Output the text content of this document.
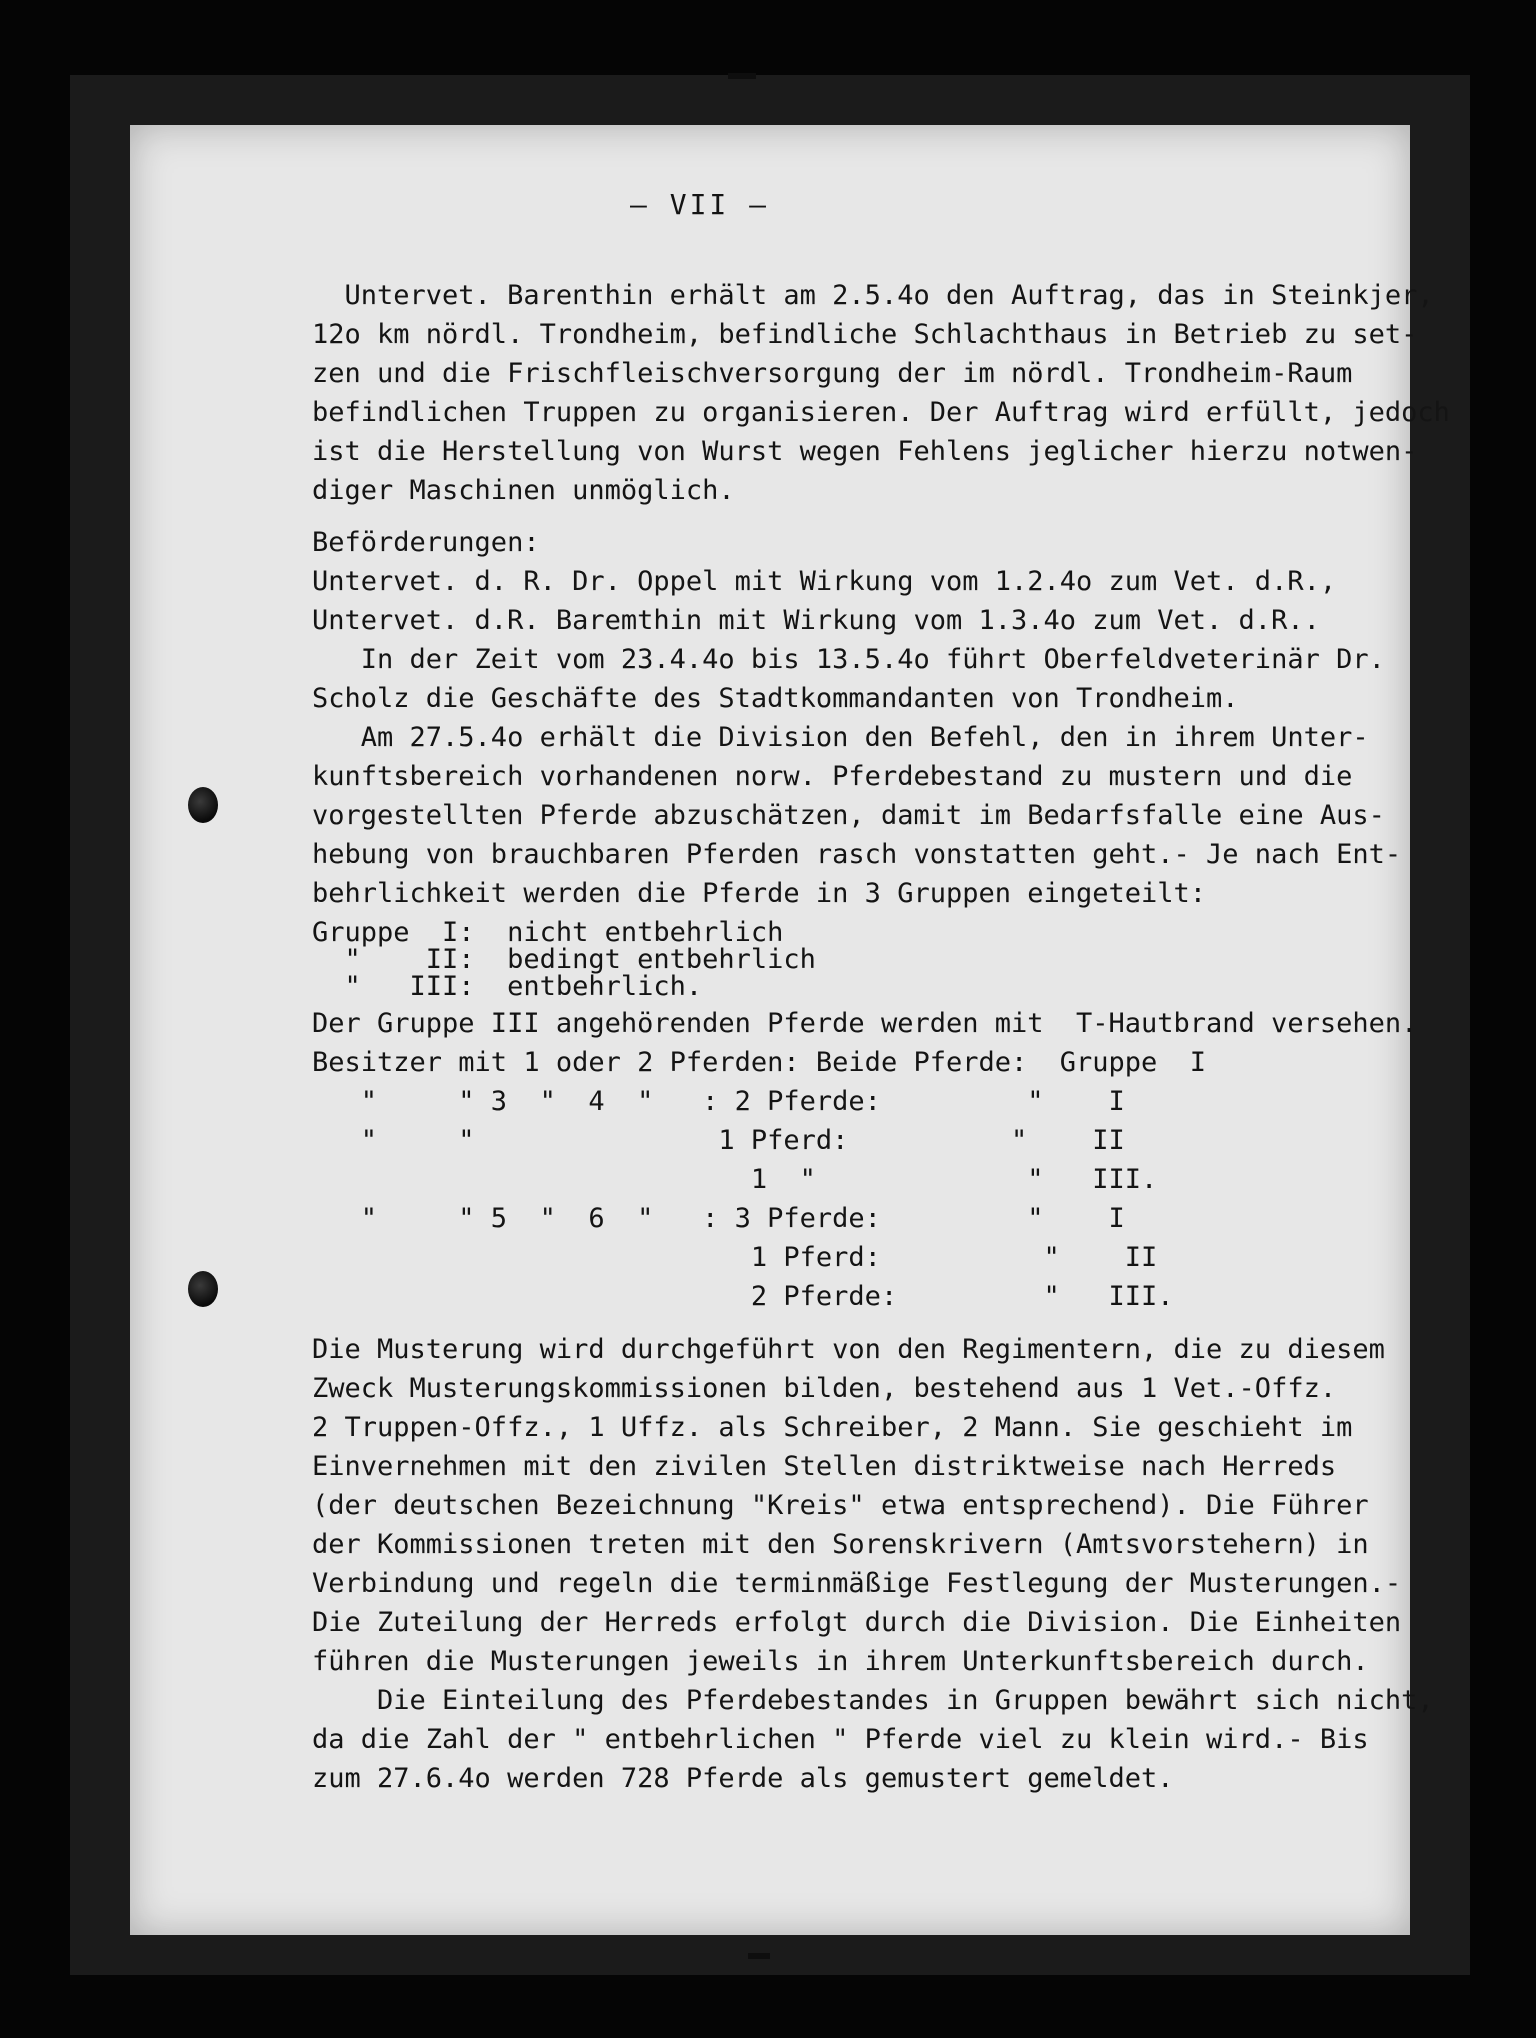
— VII —

Untervet. Barenthin erhält am 2.5.4o den Auftrag, das in Steinkjer,

12o km nördl. Trondheim, befindliche Schlachthaus in Betrieb zu set-

zen und die Frischfleischversorgung der im nördl. Trondheim-Raum

befindlichen Truppen zu organisieren. Der Auftrag wird erfüllt, jedoch

ist die Herstellung von Wurst wegen Fehlens jeglicher hierzu notwen-

diger Maschinen unmöglich.

Beförderungen:

Untervet. d. R. Dr. Oppel mit Wirkung vom 1.2.4o zum Vet. d.R.,

Untervet. d.R. Baremthin mit Wirkung vom 1.3.4o zum Vet. d.R..

In der Zeit vom 23.4.4o bis 13.5.4o führt Oberfeldveterinär Dr.

Scholz die Geschäfte des Stadtkommandanten von Trondheim.

Am 27.5.4o erhält die Division den Befehl, den in ihrem Unter-

kunftsbereich vorhandenen norw. Pferdebestand zu mustern und die

vorgestellten Pferde abzuschätzen, damit im Bedarfsfalle eine Aus-

hebung von brauchbaren Pferden rasch vonstatten geht.- Je nach Ent-

behrlichkeit werden die Pferde in 3 Gruppen eingeteilt:

Gruppe  I:  nicht entbehrlich

"    II:  bedingt entbehrlich

"   III:  entbehrlich.

Der Gruppe III angehörenden Pferde werden mit  T-Hautbrand versehen.

Besitzer mit 1 oder 2 Pferden: Beide Pferde:  Gruppe  I

"     " 3  "  4  "   : 2 Pferde:         "    I

"     "               1 Pferd:          "    II

1  "             "   III.

"     " 5  "  6  "   : 3 Pferde:         "    I

1 Pferd:          "    II

2 Pferde:         "   III.

Die Musterung wird durchgeführt von den Regimentern, die zu diesem

Zweck Musterungskommissionen bilden, bestehend aus 1 Vet.-Offz.

2 Truppen-Offz., 1 Uffz. als Schreiber, 2 Mann. Sie geschieht im

Einvernehmen mit den zivilen Stellen distriktweise nach Herreds

(der deutschen Bezeichnung "Kreis" etwa entsprechend). Die Führer

der Kommissionen treten mit den Sorenskrivern (Amtsvorstehern) in

Verbindung und regeln die terminmäßige Festlegung der Musterungen.-

Die Zuteilung der Herreds erfolgt durch die Division. Die Einheiten

führen die Musterungen jeweils in ihrem Unterkunftsbereich durch.

Die Einteilung des Pferdebestandes in Gruppen bewährt sich nicht,

da die Zahl der " entbehrlichen " Pferde viel zu klein wird.- Bis

zum 27.6.4o werden 728 Pferde als gemustert gemeldet.
